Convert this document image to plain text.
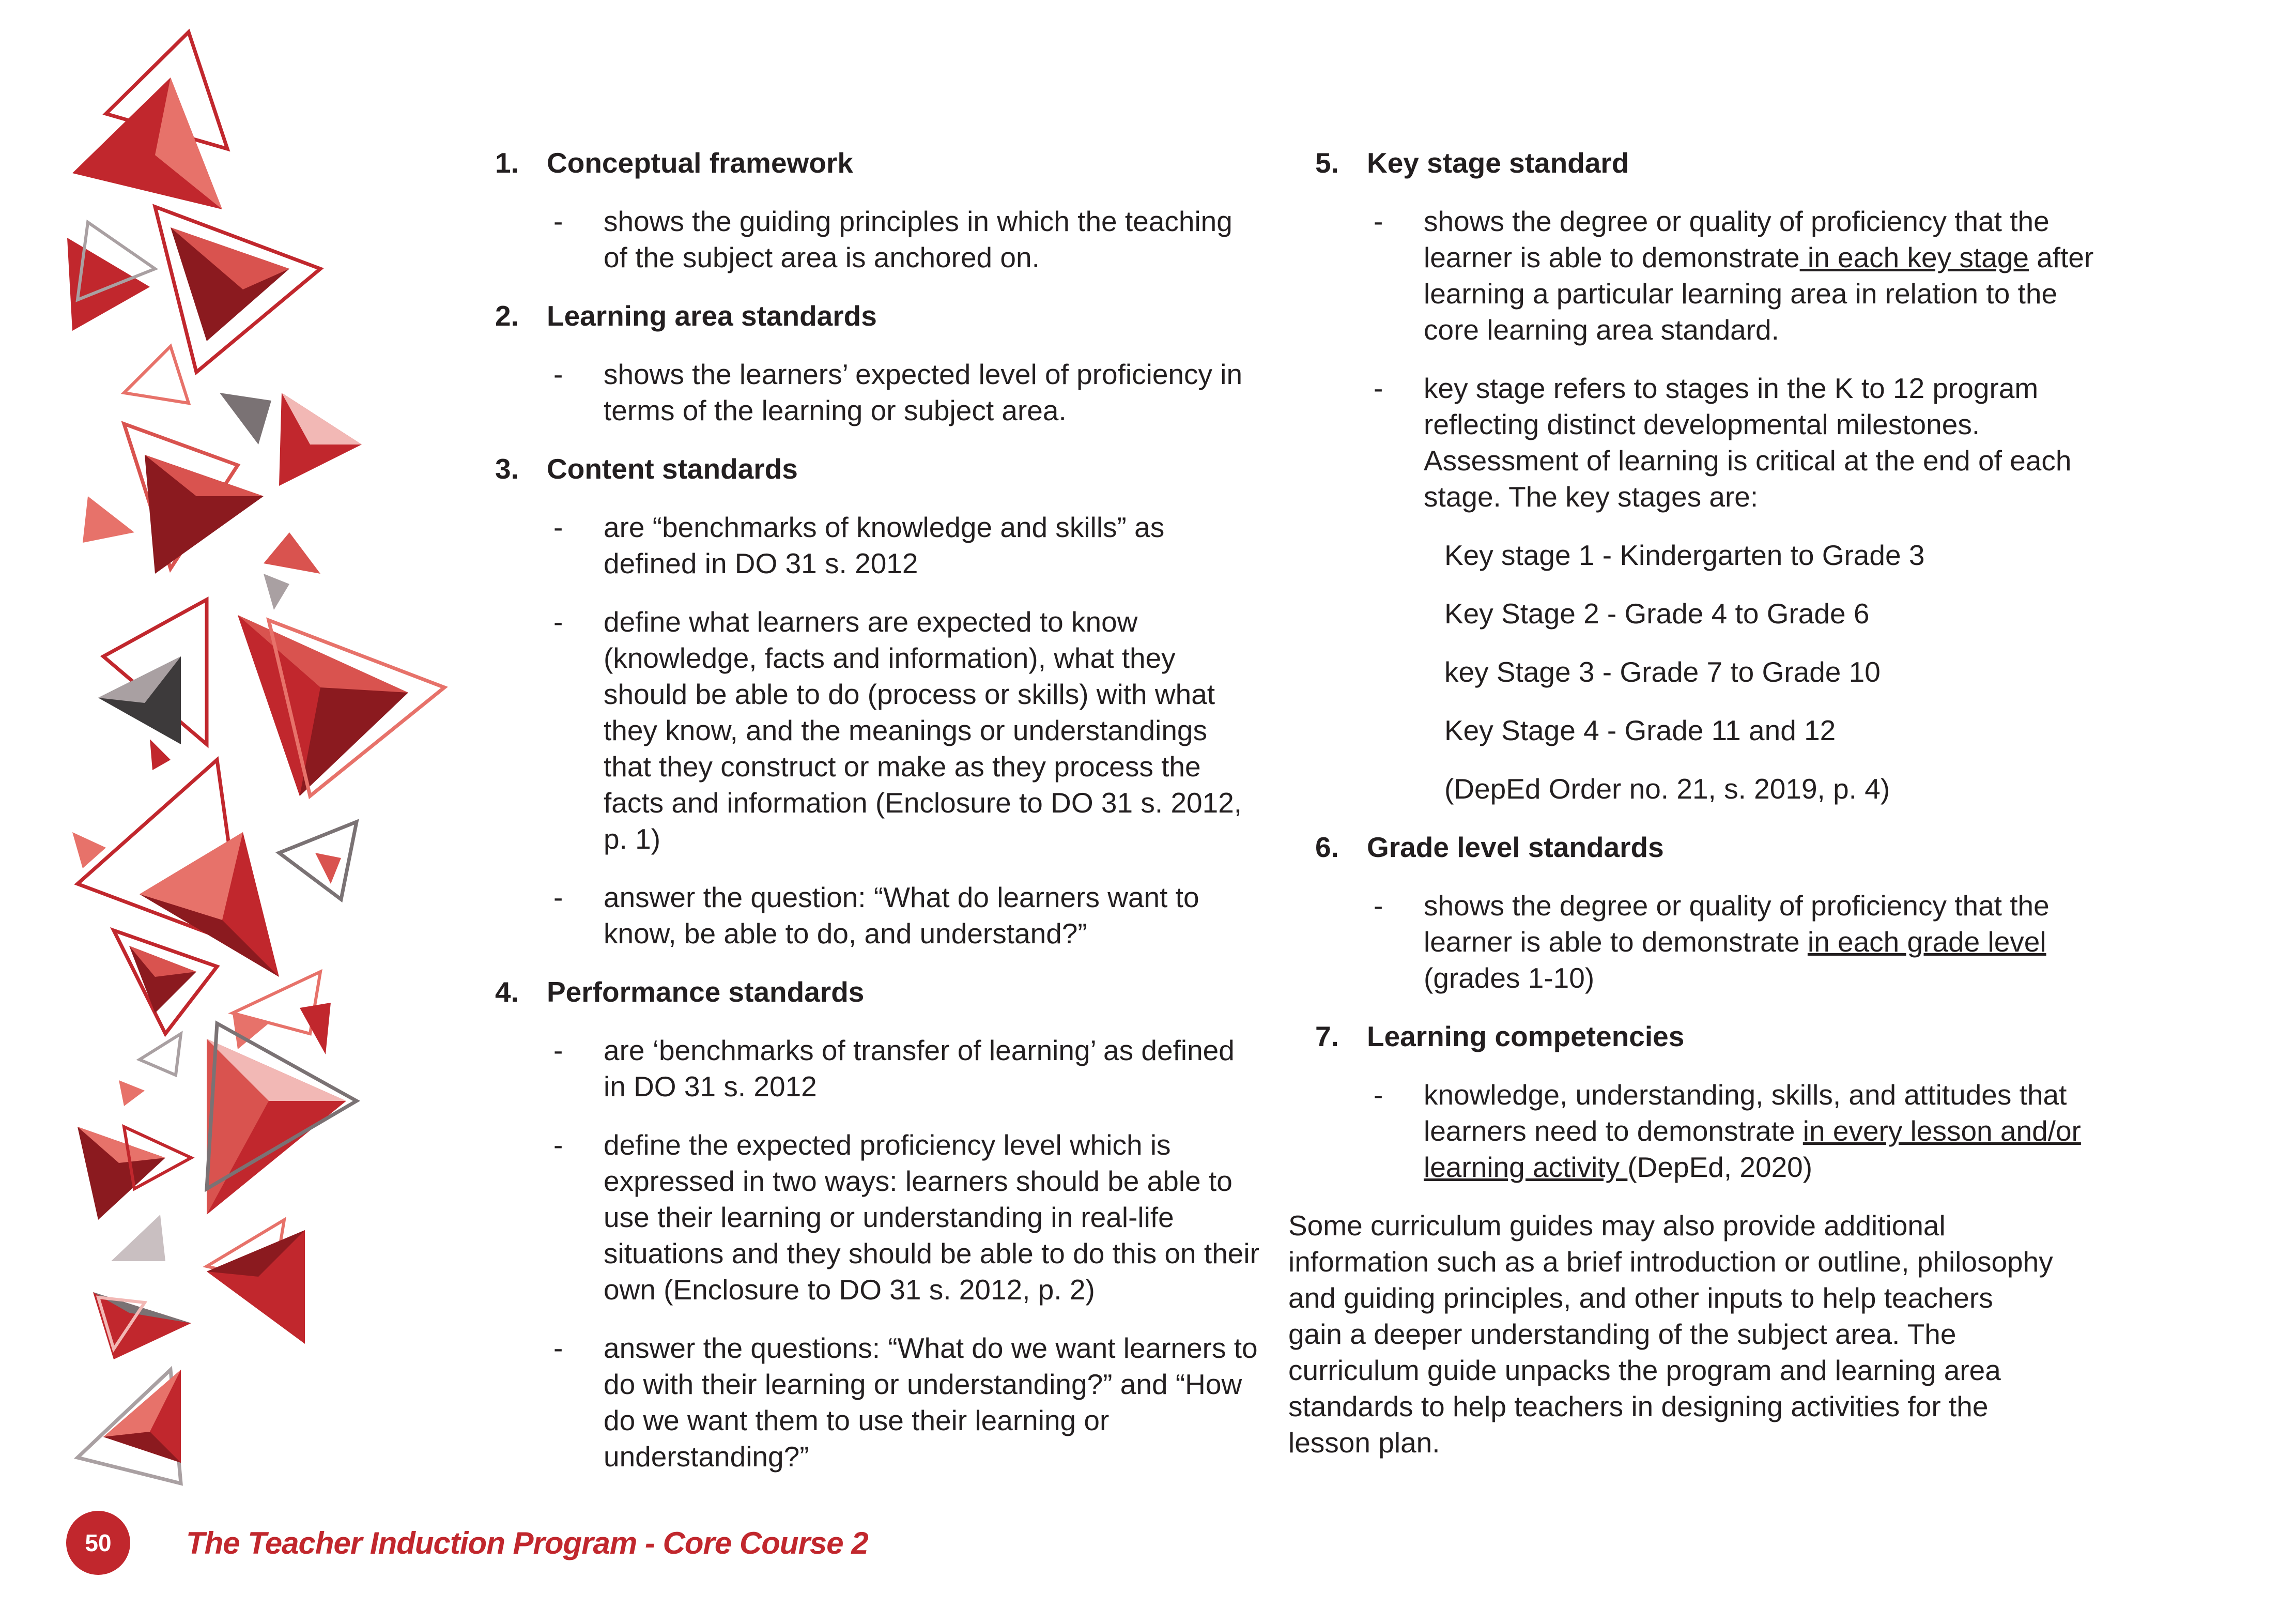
1. Conceptual framework

- shows the guiding principles in which the teaching of the subject area is anchored on.

2. Learning area standards

- shows the learners’ expected level of proficiency in terms of the learning or subject area.

3. Content standards

- are “benchmarks of knowledge and skills” as defined in DO 31 s. 2012

- define what learners are expected to know (knowledge, facts and information), what they should be able to do (process or skills) with what they know, and the meanings or understandings that they construct or make as they process the facts and information (Enclosure to DO 31 s. 2012, p. 1)

- answer the question: “What do learners want to know, be able to do, and understand?”

4. Performance standards

- are ‘benchmarks of transfer of learning’ as defined in DO 31 s. 2012

- define the expected proficiency level which is expressed in two ways: learners should be able to use their learning or understanding in real-life situations and they should be able to do this on their own (Enclosure to DO 31 s. 2012, p. 2)

- answer the questions: “What do we want learners to do with their learning or understanding?” and “How do we want them to use their learning or understanding?”

5. Key stage standard

- shows the degree or quality of proficiency that the learner is able to demonstrate in each key stage after learning a particular learning area in relation to the core learning area standard.

- key stage refers to stages in the K to 12 program reflecting distinct developmental milestones. Assessment of learning is critical at the end of each stage. The key stages are:

Key stage 1 - Kindergarten to Grade 3

Key Stage 2 - Grade 4 to Grade 6

key Stage 3 - Grade 7 to Grade 10

Key Stage 4 - Grade 11 and 12

(DepEd Order no. 21, s. 2019, p. 4)

6. Grade level standards

- shows the degree or quality of proficiency that the learner is able to demonstrate in each grade level (grades 1-10)

7. Learning competencies

- knowledge, understanding, skills, and attitudes that learners need to demonstrate in every lesson and/or learning activity (DepEd, 2020)

Some curriculum guides may also provide additional information such as a brief introduction or outline, philosophy and guiding principles, and other inputs to help teachers gain a deeper understanding of the subject area. The curriculum guide unpacks the program and learning area standards to help teachers in designing activities for the lesson plan.

50	The Teacher Induction Program - Core Course 2
